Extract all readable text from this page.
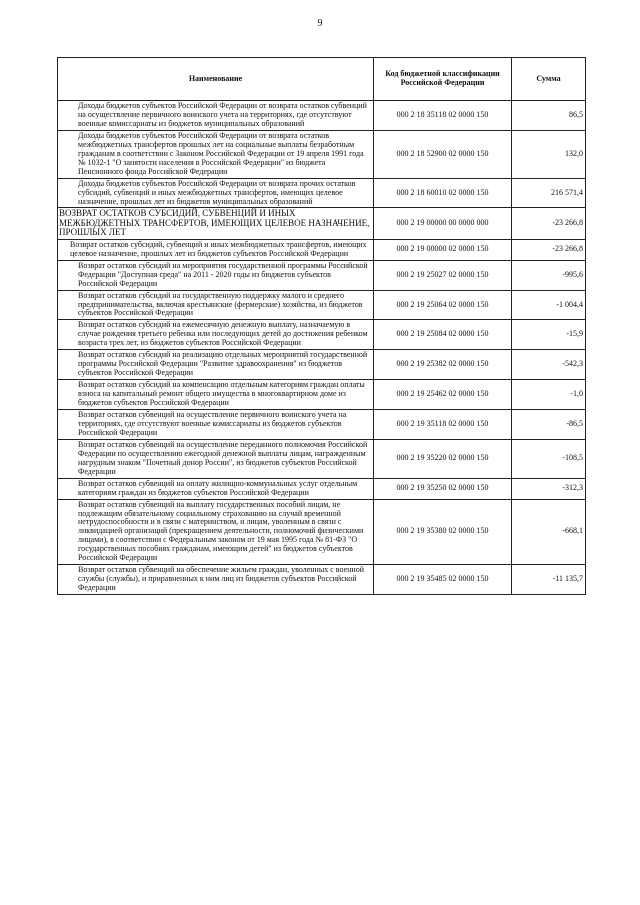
9
Наименование	Код бюджетной классификации Российской Федерации	Сумма
Доходы бюджетов субъектов Российской Федерации от возврата остатков субвенций на осуществление первичного воинского учета на территориях, где отсутствуют военные комиссариаты из бюджетов муниципальных образований	000 2 18 35118 02 0000 150	86,5
Доходы бюджетов субъектов Российской Федерации от возврата остатков межбюджетных трансфертов прошлых лет на социальные выплаты безработным гражданам в соответствии с Законом Российской Федерации от 19 апреля 1991 года № 1032-1 "О занятости населения в Российской Федерации" из бюджета Пенсионного фонда Российской Федерации	000 2 18 52900 02 0000 150	132,0
Доходы бюджетов субъектов Российской Федерации от возврата прочих остатков субсидий, субвенций и иных межбюджетных трансфертов, имеющих целевое назначение, прошлых лет из бюджетов муниципальных образований	000 2 18 60010 02 0000 150	216 571,4
ВОЗВРАТ ОСТАТКОВ СУБСИДИЙ, СУБВЕНЦИЙ И ИНЫХ МЕЖБЮДЖЕТНЫХ ТРАНСФЕРТОВ, ИМЕЮЩИХ ЦЕЛЕВОЕ НАЗНАЧЕНИЕ, ПРОШЛЫХ ЛЕТ	000 2 19 00000 00 0000 000	-23 266,8
Возврат остатков субсидий, субвенций и иных межбюджетных трансфертов, имеющих целевое назначение, прошлых лет из бюджетов субъектов Российской Федерации	000 2 19 00000 02 0000 150	-23 266,8
Возврат остатков субсидий на мероприятия государственной программы Российской Федерации "Доступная среда" на 2011 - 2020 годы из бюджетов субъектов Российской Федерации	000 2 19 25027 02 0000 150	-995,6
Возврат остатков субсидий на государственную поддержку малого и среднего предпринимательства, включая крестьянские (фермерские) хозяйства, из бюджетов субъектов Российской Федерации	000 2 19 25064 02 0000 150	-1 004,4
Возврат остатков субсидий на ежемесячную денежную выплату, назначаемую в случае рождения третьего ребенка или последующих детей до достижения ребенком возраста трех лет, из бюджетов субъектов Российской Федерации	000 2 19 25084 02 0000 150	-15,9
Возврат остатков субсидий на реализацию отдельных мероприятий государственной программы Российской Федерации "Развитие здравоохранения" из бюджетов субъектов Российской Федерации	000 2 19 25382 02 0000 150	-542,3
Возврат остатков субсидий на компенсацию отдельным категориям граждан оплаты взноса на капитальный ремонт общего имущества в многоквартирном доме из бюджетов субъектов Российской Федерации	000 2 19 25462 02 0000 150	-1,0
Возврат остатков субвенций на осуществление первичного воинского учета на территориях, где отсутствуют военные комиссариаты из бюджетов субъектов Российской Федерации	000 2 19 35118 02 0000 150	-86,5
Возврат остатков субвенций на осуществление переданного полномочия Российской Федерации по осуществлению ежегодной денежной выплаты лицам, награжденным нагрудным знаком "Почетный донор России", из бюджетов субъектов Российской Федерации	000 2 19 35220 02 0000 150	-108,5
Возврат остатков субвенций на оплату жилищно-коммунальных услуг отдельным категориям граждан из бюджетов субъектов Российской Федерации	000 2 19 35250 02 0000 150	-312,3
Возврат остатков субвенций на выплату государственных пособий лицам, не подлежащим обязательному социальному страхованию на случай временной нетрудоспособности и в связи с материнством, и лицам, уволенным в связи с ликвидацией организаций (прекращением деятельности, полномочий физическими лицами), в соответствии с Федеральным законом от 19 мая 1995 года № 81-ФЗ "О государственных пособиях гражданам, имеющим детей" из бюджетов субъектов Российской Федерации	000 2 19 35380 02 0000 150	-668,1
Возврат остатков субвенций на обеспечение жильем граждан, уволенных с военной службы (службы), и приравненных к ним лиц из бюджетов субъектов Российской Федерации	000 2 19 35485 02 0000 150	-11 135,7
